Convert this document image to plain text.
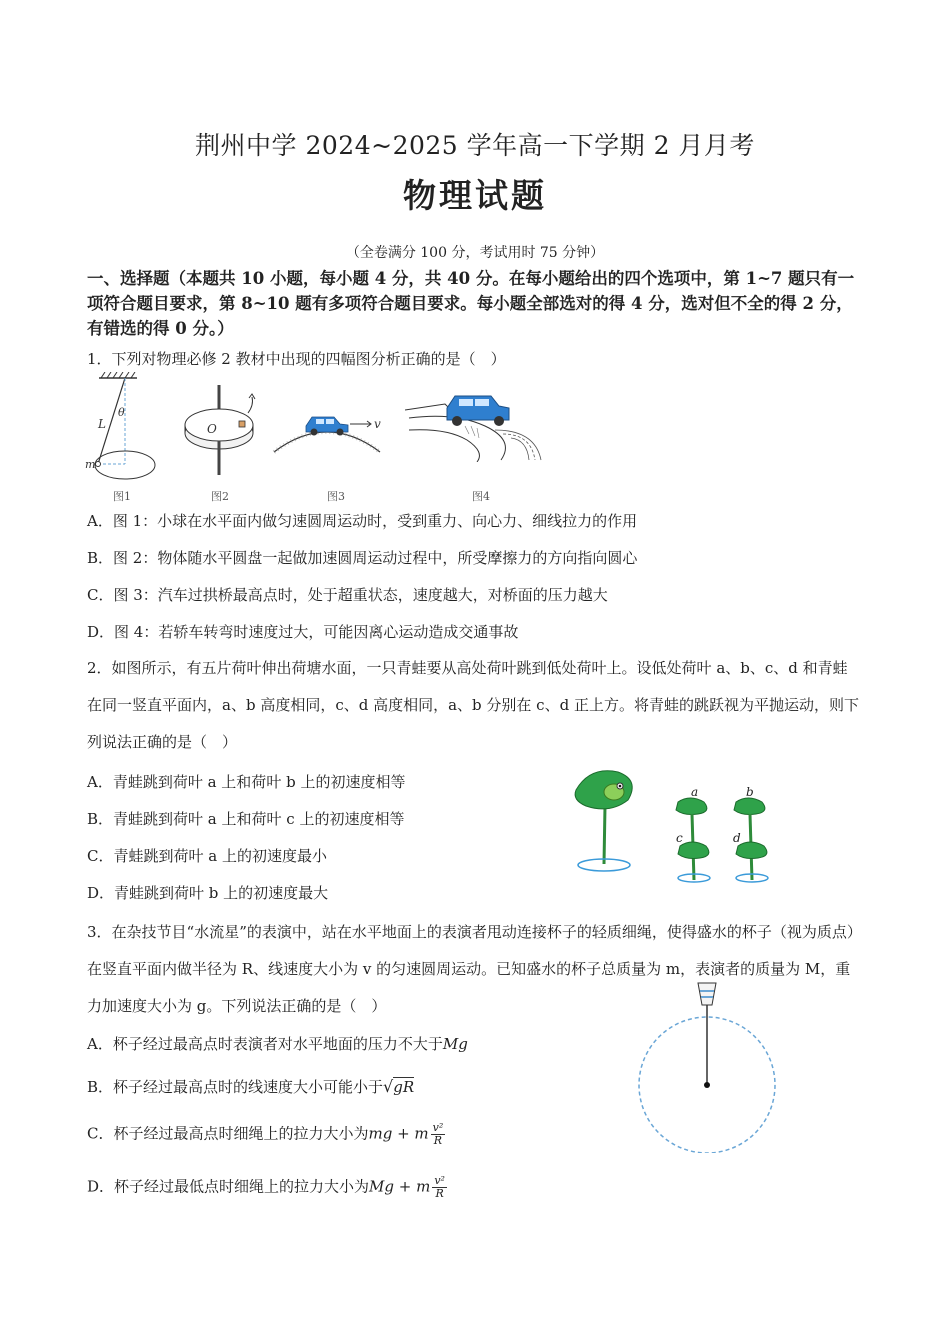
荆州中学 2024~2025 学年高一下学期 2 月月考
物理试题
（全卷满分 100 分，考试用时 75 分钟）
一、选择题（本题共 10 小题，每小题 4 分，共 40 分。在每小题给出的四个选项中，第 1~7 题只有一项符合题目要求，第 8~10 题有多项符合题目要求。每小题全部选对的得 4 分，选对但不全的得 2 分，有错选的得 0 分。）
1．下列对物理必修 2 教材中出现的四幅图分析正确的是（　）
L
θ
m
图1
O
图2
v
图3	图4
A．图 1：小球在水平面内做匀速圆周运动时，受到重力、向心力、细线拉力的作用
B．图 2：物体随水平圆盘一起做加速圆周运动过程中，所受摩擦力的方向指向圆心
C．图 3：汽车过拱桥最高点时，处于超重状态，速度越大，对桥面的压力越大
D．图 4：若轿车转弯时速度过大，可能因离心运动造成交通事故
2．如图所示，有五片荷叶伸出荷塘水面，一只青蛙要从高处荷叶跳到低处荷叶上。设低处荷叶 a、b、c、d 和青蛙在同一竖直平面内，a、b 高度相同，c、d 高度相同，a、b 分别在 c、d 正上方。将青蛙的跳跃视为平抛运动，则下列说法正确的是（　）
A．青蛙跳到荷叶 a 上和荷叶 b 上的初速度相等
B．青蛙跳到荷叶 a 上和荷叶 c 上的初速度相等
C．青蛙跳到荷叶 a 上的初速度最小
D．青蛙跳到荷叶 b 上的初速度最大
a	b
c	d
3．在杂技节目“水流星”的表演中，站在水平地面上的表演者甩动连接杯子的轻质细绳，使得盛水的杯子（视为质点）在竖直平面内做半径为 R、线速度大小为 v 的匀速圆周运动。已知盛水的杯子总质量为 m，表演者的质量为 M，重力加速度大小为 g。下列说法正确的是（　）
A．杯子经过最高点时表演者对水平地面的压力不大于Mg
B．杯子经过最高点时的线速度大小可能小于√gR
C．杯子经过最高点时细绳上的拉力大小为mg + m $\frac{\text{v²}}{R}$
D．杯子经过最低点时细绳上的拉力大小为Mg + m $\frac{\text{v²}}{R}$
